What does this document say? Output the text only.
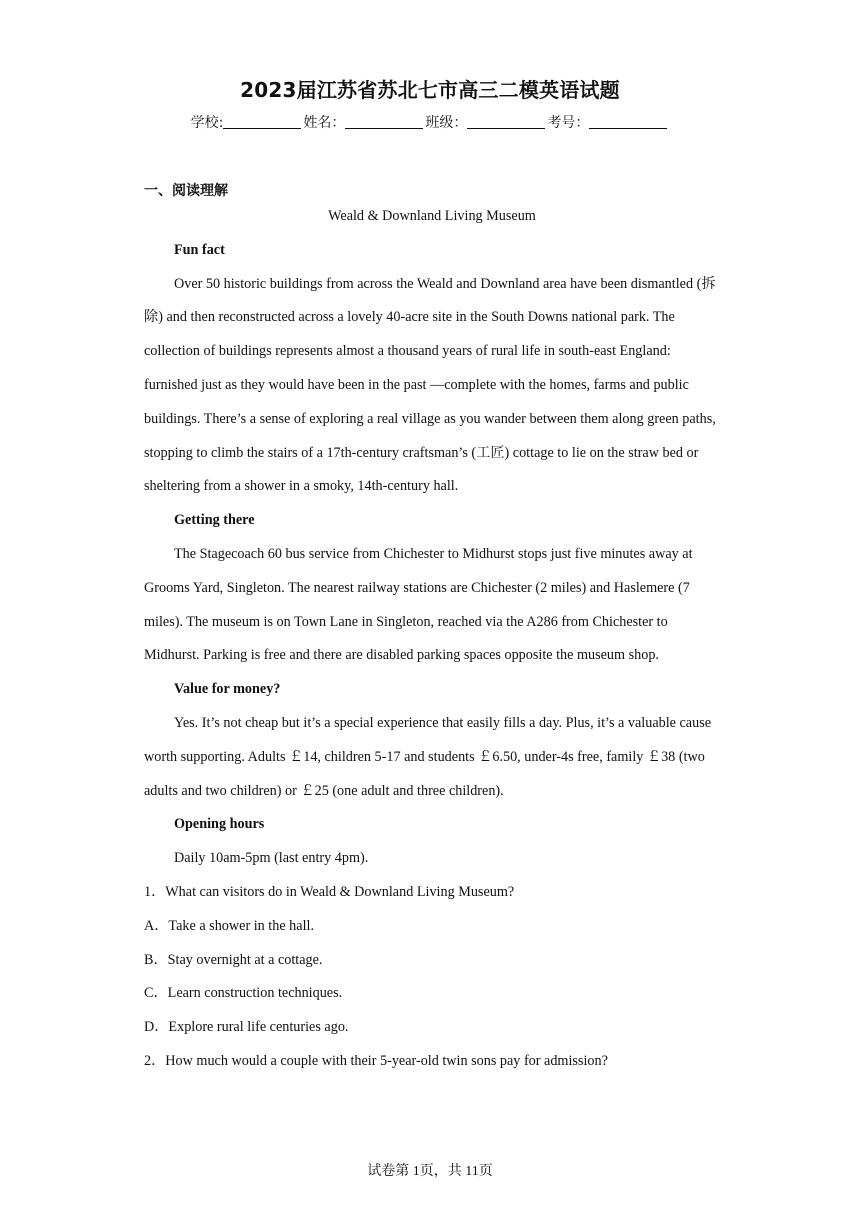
2023届江苏省苏北七市高三二模英语试题
学校:	姓名：	班级：	考号：
一、阅读理解

Weald & Downland Living Museum

Fun fact

Over 50 historic buildings from across the Weald and Downland area have been dismantled (拆除) and then reconstructed across a lovely 40-acre site in the South Downs national park. The collection of buildings represents almost a thousand years of rural life in south-east England: furnished just as they would have been in the past —complete with the homes, farms and public buildings. There’s a sense of exploring a real village as you wander between them along green paths, stopping to climb the stairs of a 17th-century craftsman’s (工匠) cottage to lie on the straw bed or sheltering from a shower in a smoky, 14th-century hall.

Getting there

The Stagecoach 60 bus service from Chichester to Midhurst stops just five minutes away at Grooms Yard, Singleton. The nearest railway stations are Chichester (2 miles) and Haslemere (7 miles). The museum is on Town Lane in Singleton, reached via the A286 from Chichester to Midhurst. Parking is free and there are disabled parking spaces opposite the museum shop.

Value for money?

Yes. It’s not cheap but it’s a special experience that easily fills a day. Plus, it’s a valuable cause worth supporting. Adults ￡14, children 5-17 and students ￡6.50, under-4s free, family ￡38 (two adults and two children) or ￡25 (one adult and three children).

Opening hours

Daily 10am-5pm (last entry 4pm).

1．What can visitors do in Weald & Downland Living Museum?

A．Take a shower in the hall.

B．Stay overnight at a cottage.

C．Learn construction techniques.

D．Explore rural life centuries ago.

2．How much would a couple with their 5-year-old twin sons pay for admission?

试卷第 1页，共 11页
